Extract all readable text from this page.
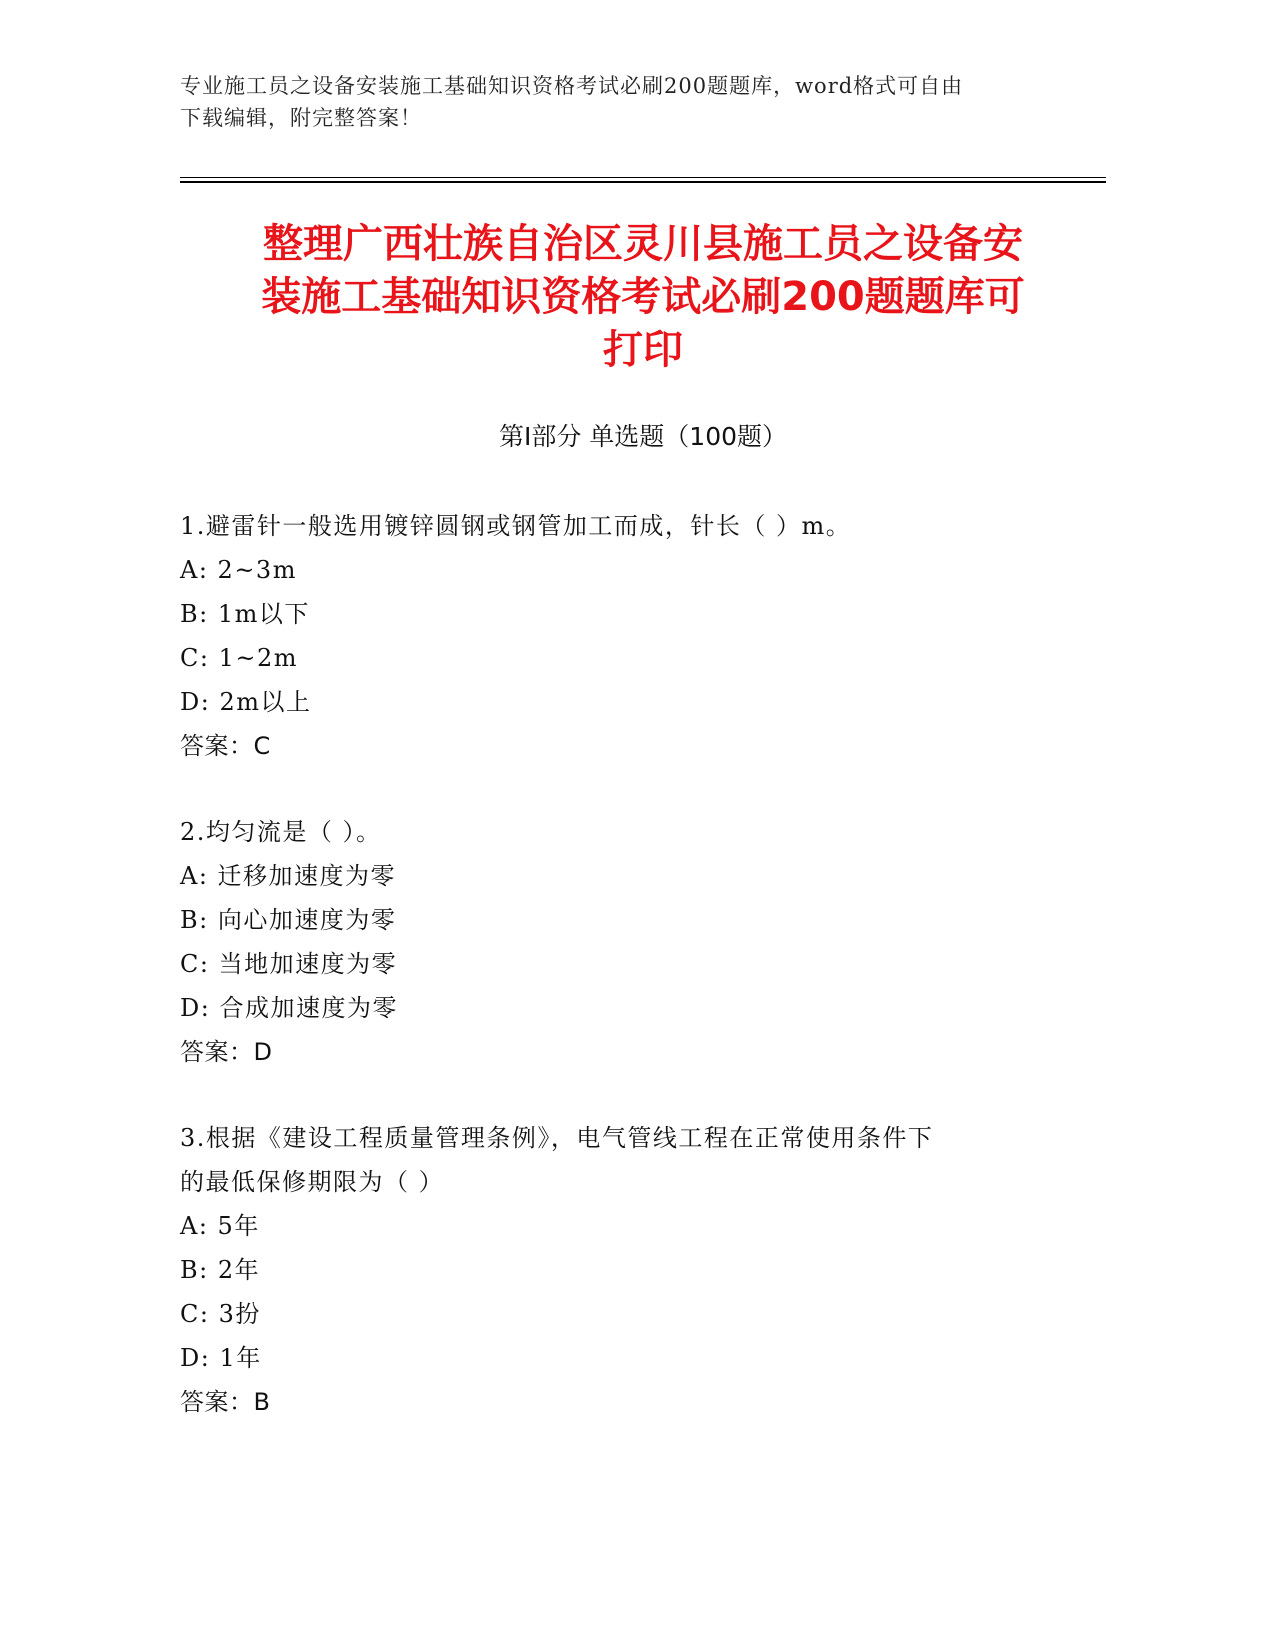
专业施工员之设备安装施工基础知识资格考试必刷200题题库，word格式可自由
下载编辑，附完整答案！
整理广西壮族自治区灵川县施工员之设备安
装施工基础知识资格考试必刷200题题库可
打印
第I部分 单选题（100题）
1.避雷针一般选用镀锌圆钢或钢管加工而成，针长（ ）m。
A: 2~3m
B: 1m以下
C: 1~2m
D: 2m以上
答案：C
2.均匀流是（ ）。
A: 迁移加速度为零
B: 向心加速度为零
C: 当地加速度为零
D: 合成加速度为零
答案：D
3.根据《建设工程质量管理条例》，电气管线工程在正常使用条件下
的最低保修期限为（ ）
A: 5年
B: 2年
C: 3扮
D: 1年
答案：B
